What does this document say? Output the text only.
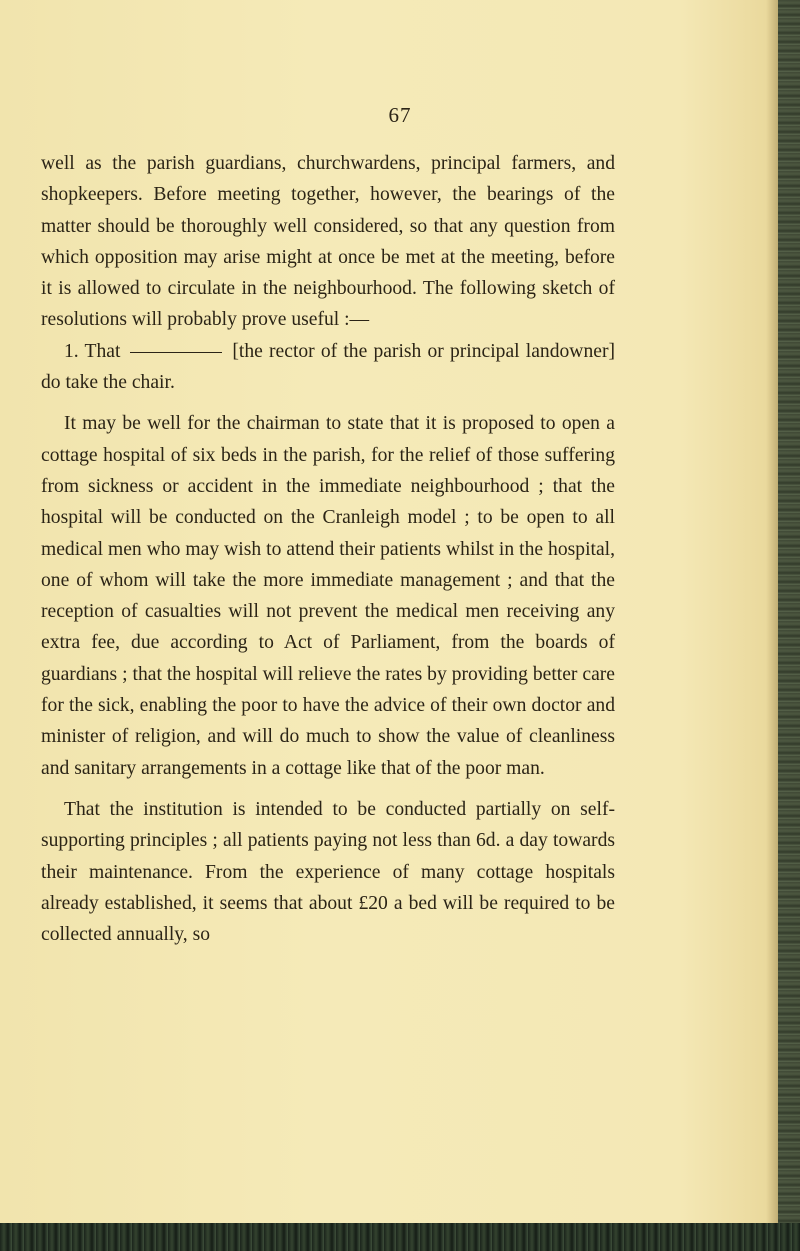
67

well as the parish guardians, churchwardens, principal farmers, and shopkeepers. Before meeting together, however, the bearings of the matter should be thoroughly well considered, so that any question from which opposition may arise might at once be met at the meeting, before it is allowed to circulate in the neighbourhood. The following sketch of resolutions will probably prove useful :—

1. That	[the rector of the parish or principal landowner] do take the chair.

It may be well for the chairman to state that it is proposed to open a cottage hospital of six beds in the parish, for the relief of those suffering from sickness or accident in the immediate neighbourhood ; that the hospital will be conducted on the Cranleigh model ; to be open to all medical men who may wish to attend their patients whilst in the hospital, one of whom will take the more immediate management ; and that the reception of casualties will not prevent the medical men receiving any extra fee, due according to Act of Parliament, from the boards of guardians ; that the hospital will relieve the rates by providing better care for the sick, enabling the poor to have the advice of their own doctor and minister of religion, and will do much to show the value of cleanliness and sanitary arrangements in a cottage like that of the poor man.

That the institution is intended to be conducted partially on self-supporting principles ; all patients paying not less than 6d. a day towards their maintenance. From the experience of many cottage hospitals already established, it seems that about £20 a bed will be required to be collected annually, so
